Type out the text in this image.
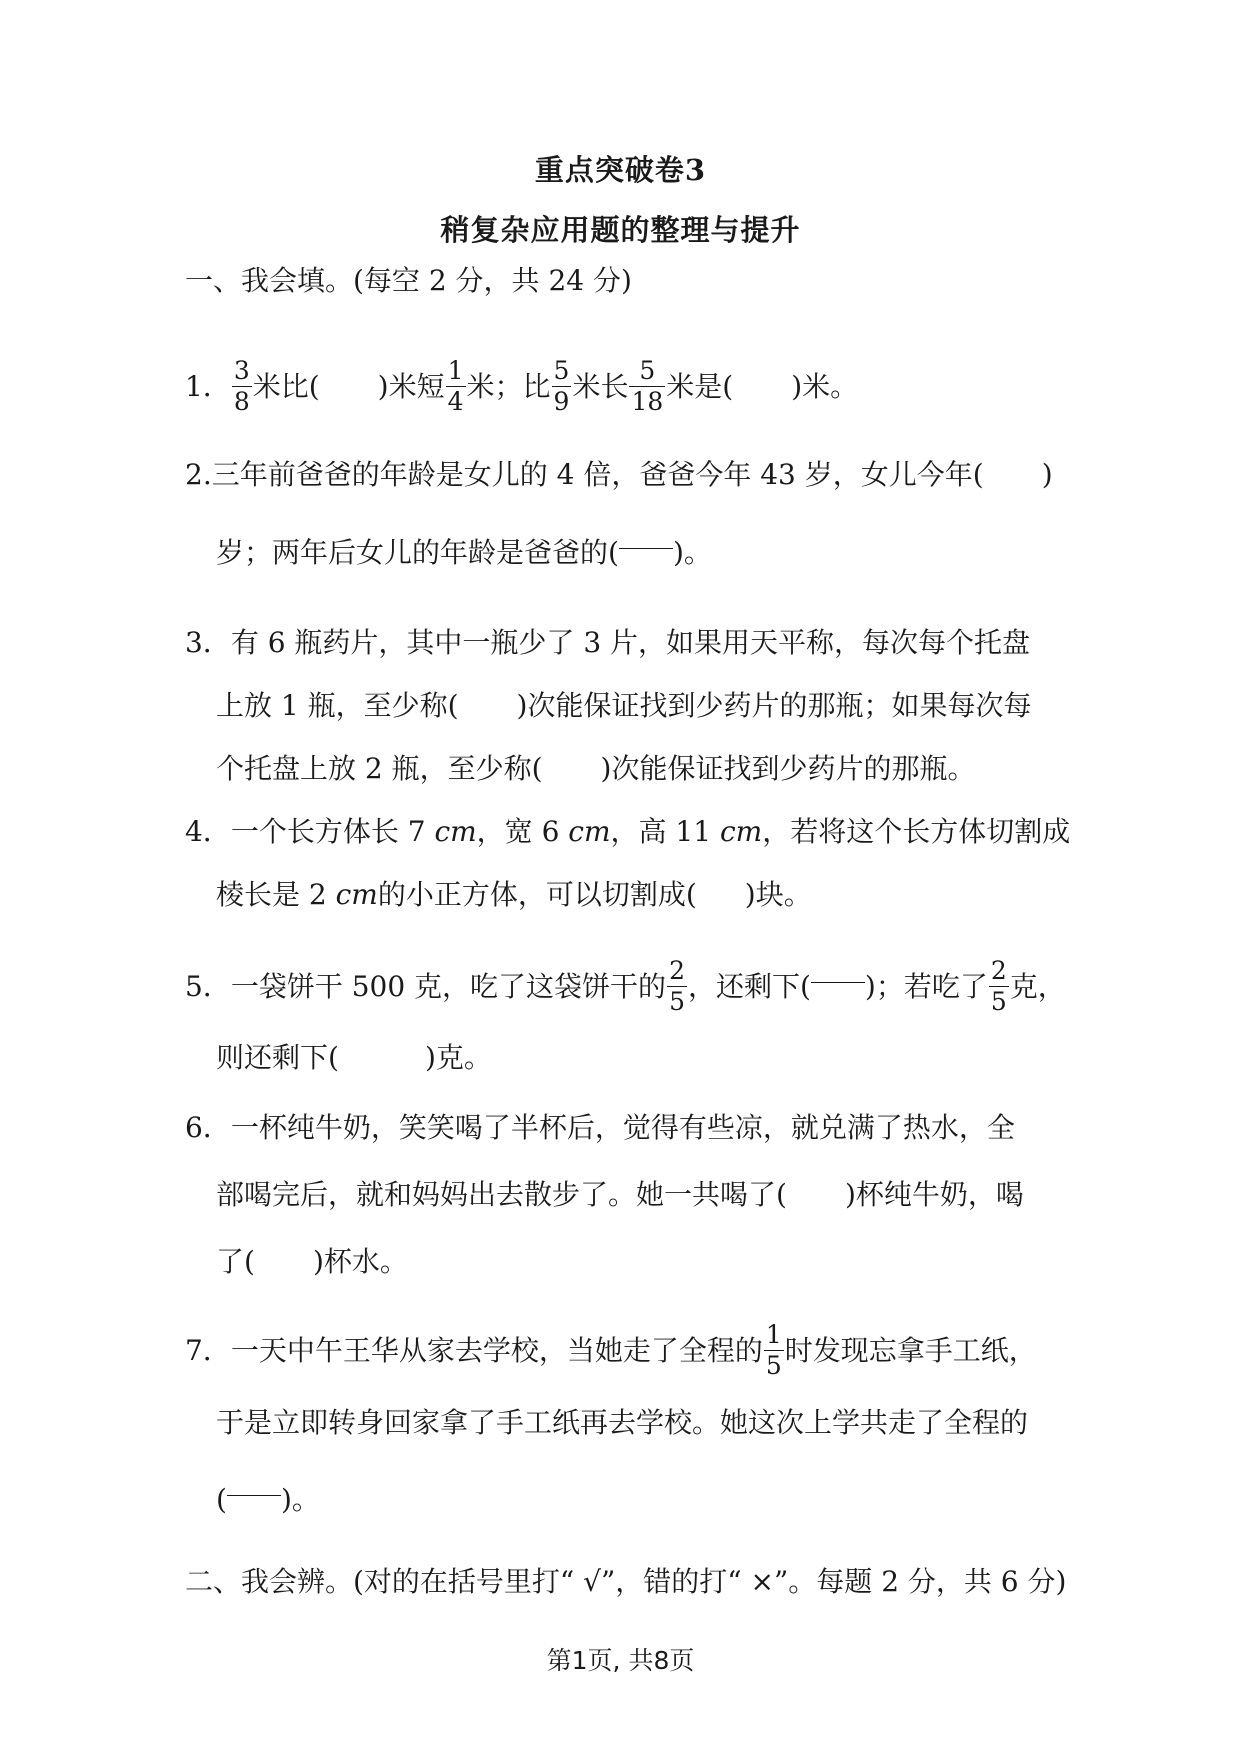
重点突破卷3
稍复杂应用题的整理与提升
一、我会填。(每空 2 分，共 24 分)
1． $\frac{3}{8}$ 米比( )米短 $\frac{1}{4}$ 米；比 $\frac{5}{9}$ 米长 $\frac{5}{18}$ 米是( )米。
2.三年前爸爸的年龄是女儿的 4 倍，爸爸今年 43 岁，女儿今年( )
岁；两年后女儿的年龄是爸爸的( )。
3．有 6 瓶药片，其中一瓶少了 3 片，如果用天平称，每次每个托盘
上放 1 瓶，至少称( )次能保证找到少药片的那瓶；如果每次每
个托盘上放 2 瓶，至少称( )次能保证找到少药片的那瓶。
4．一个长方体长 7 cm，宽 6 cm，高 11 cm，若将这个长方体切割成
棱长是 2 cm的小正方体，可以切割成( )块。
5．一袋饼干 500 克，吃了这袋饼干的 $\frac{2}{5}$ ，还剩下( )；若吃了 $\frac{2}{5}$ 克，
则还剩下(	)克。
6．一杯纯牛奶，笑笑喝了半杯后，觉得有些凉，就兑满了热水，全
部喝完后，就和妈妈出去散步了。她一共喝了( )杯纯牛奶，喝
了( )杯水。
7．一天中午王华从家去学校，当她走了全程的 $\frac{1}{5}$ 时发现忘拿手工纸，
于是立即转身回家拿了手工纸再去学校。她这次上学共走了全程的
( )。
二、我会辨。(对的在括号里打“ √”，错的打“ ×”。每题 2 分，共 6 分)
第1页, 共8页
